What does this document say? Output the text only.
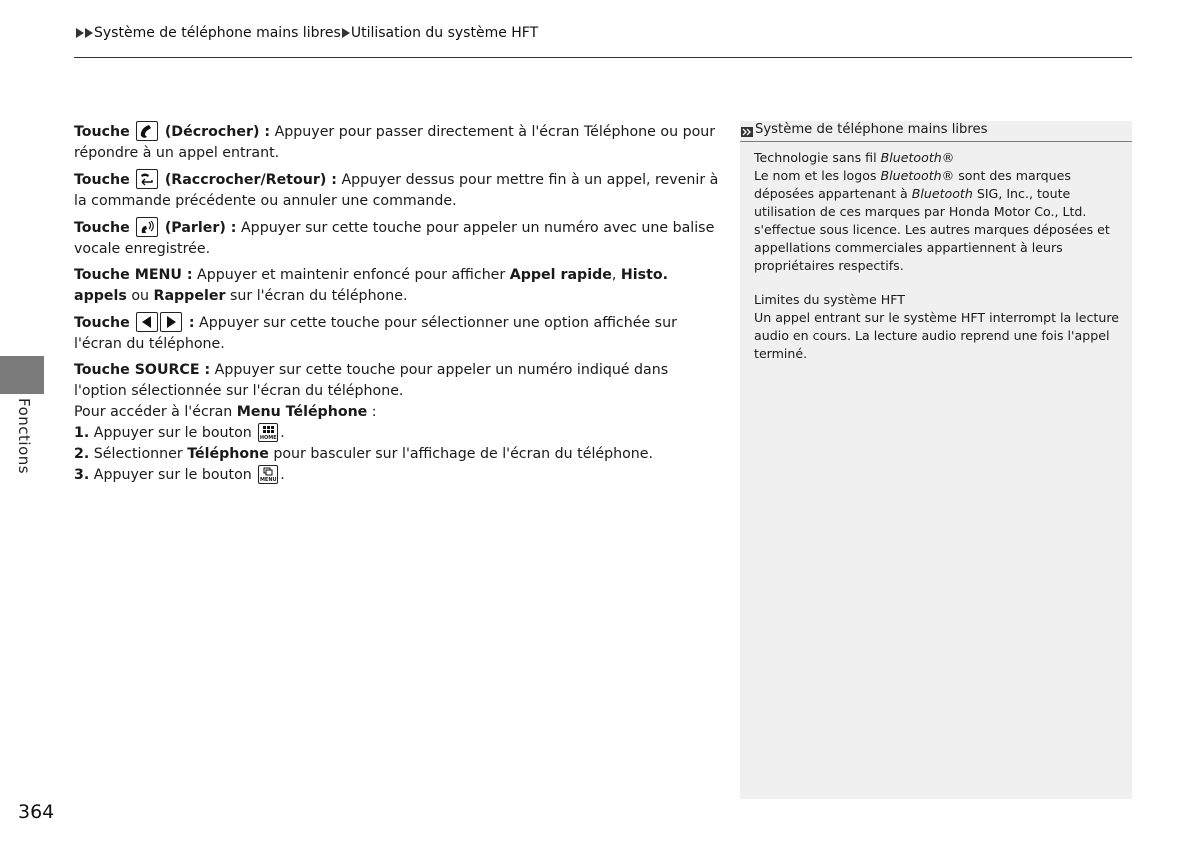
Système de téléphone mains libres Utilisation du système HFT
Fonctions

Touche (Décrocher) : Appuyer pour passer directement à l'écran Téléphone ou pour répondre à un appel entrant.

Touche (Raccrocher/Retour) : Appuyer dessus pour mettre fin à un appel, revenir à la commande précédente ou annuler une commande.

Touche (Parler) : Appuyer sur cette touche pour appeler un numéro avec une balise vocale enregistrée.

Touche MENU : Appuyer et maintenir enfoncé pour afficher Appel rapide, Histo. appels ou Rappeler sur l'écran du téléphone.

Touche	: Appuyer sur cette touche pour sélectionner une option affichée sur l'écran du téléphone.

Touche SOURCE : Appuyer sur cette touche pour appeler un numéro indiqué dans l'option sélectionnée sur l'écran du téléphone.

Pour accéder à l'écran Menu Téléphone :

1. Appuyer sur le bouton HOME .

2. Sélectionner Téléphone pour basculer sur l'affichage de l'écran du téléphone.

3. Appuyer sur le bouton MENU .

Système de téléphone mains libres

Technologie sans fil Bluetooth®

Le nom et les logos Bluetooth® sont des marques déposées appartenant à Bluetooth SIG, Inc., toute utilisation de ces marques par Honda Motor Co., Ltd. s'effectue sous licence. Les autres marques déposées et appellations commerciales appartiennent à leurs propriétaires respectifs.

Limites du système HFT

Un appel entrant sur le système HFT interrompt la lecture audio en cours. La lecture audio reprend une fois l'appel terminé.

364
